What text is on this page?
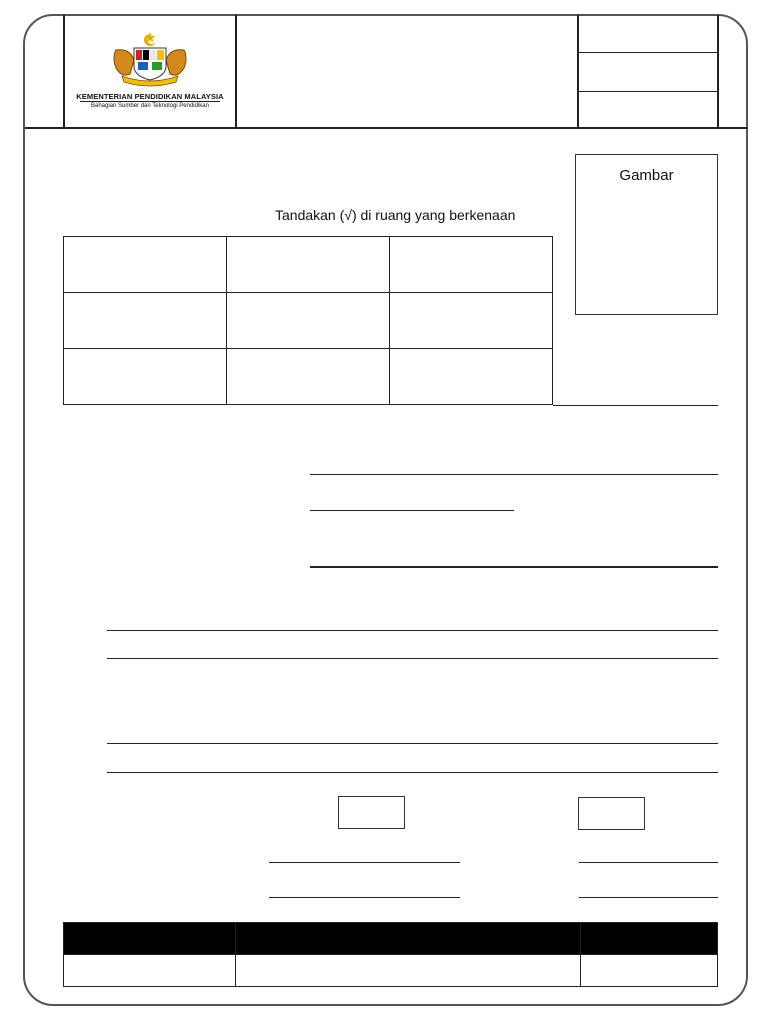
KEMENTERIAN PENDIDIKAN MALAYSIA
Bahagian Sumber dan Teknologi Pendidikan
Gambar
Tandakan (√) di ruang yang berkenaan
